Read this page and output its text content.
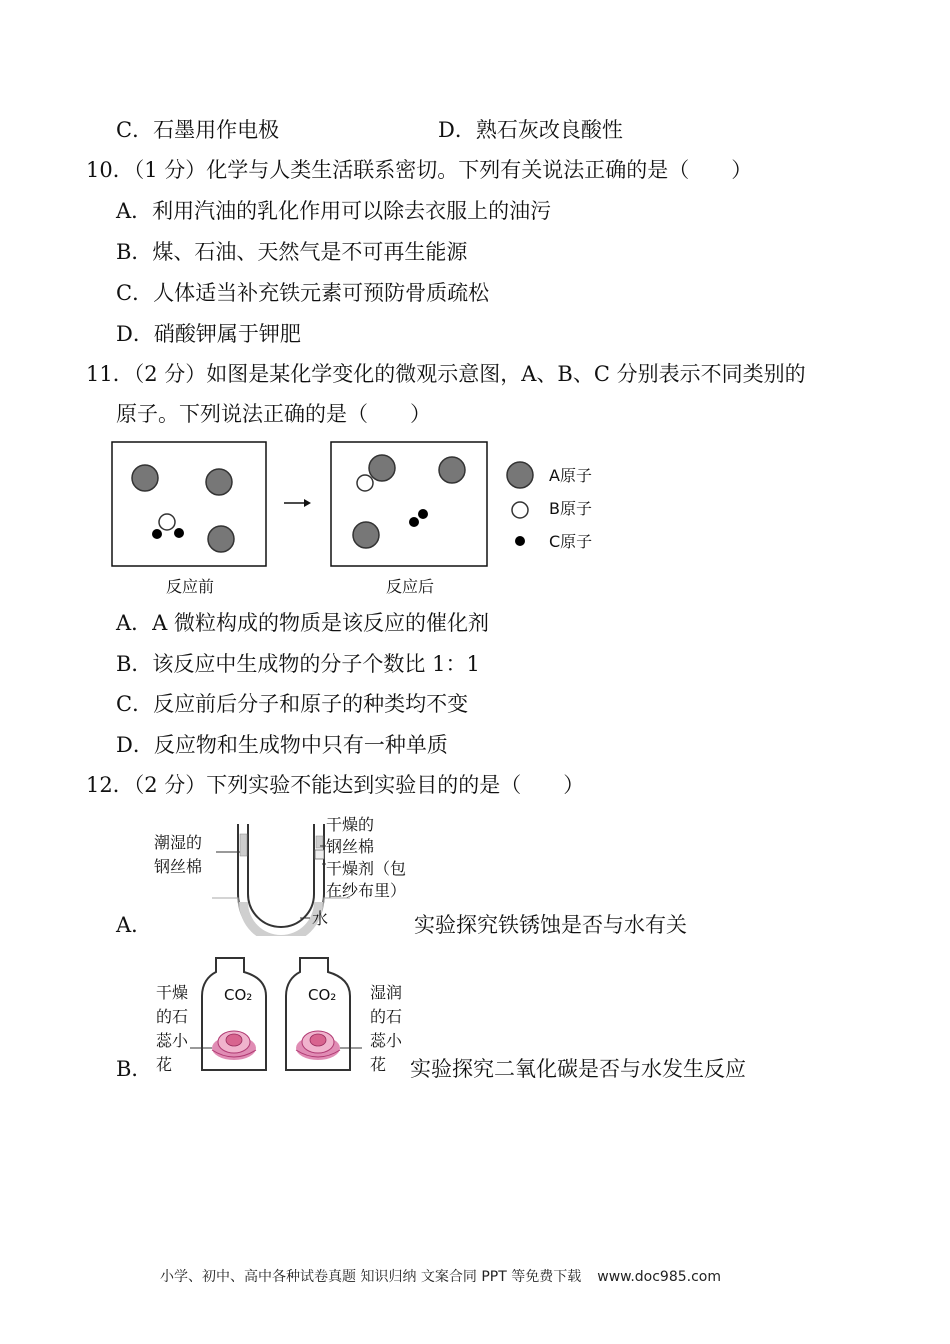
C．石墨用作电极	D．熟石灰改良酸性
10．（1 分）化学与人类生活联系密切。下列有关说法正确的是（　　）
A．利用汽油的乳化作用可以除去衣服上的油污
B．煤、石油、天然气是不可再生能源
C．人体适当补充铁元素可预防骨质疏松
D．硝酸钾属于钾肥
11．（2 分）如图是某化学变化的微观示意图，A、B、C 分别表示不同类别的
原子。下列说法正确的是（　　）
A原子
B原子
C原子
反应前	反应后
A．A 微粒构成的物质是该反应的催化剂
B．该反应中生成物的分子个数比 1：1
C．反应前后分子和原子的种类均不变
D．反应物和生成物中只有一种单质
12．（2 分）下列实验不能达到实验目的的是（　　）
潮湿的
钢丝棉
干燥的
钢丝棉
干燥剂（包
在纱布里）
水
A．	实验探究铁锈蚀是否与水有关
CO₂	CO₂
干燥
的石
蕊小
花
湿润
的石
蕊小
花
B．	实验探究二氧化碳是否与水发生反应
小学、初中、高中各种试卷真题 知识归纳 文案合同 PPT 等免费下载 www.doc985.com
